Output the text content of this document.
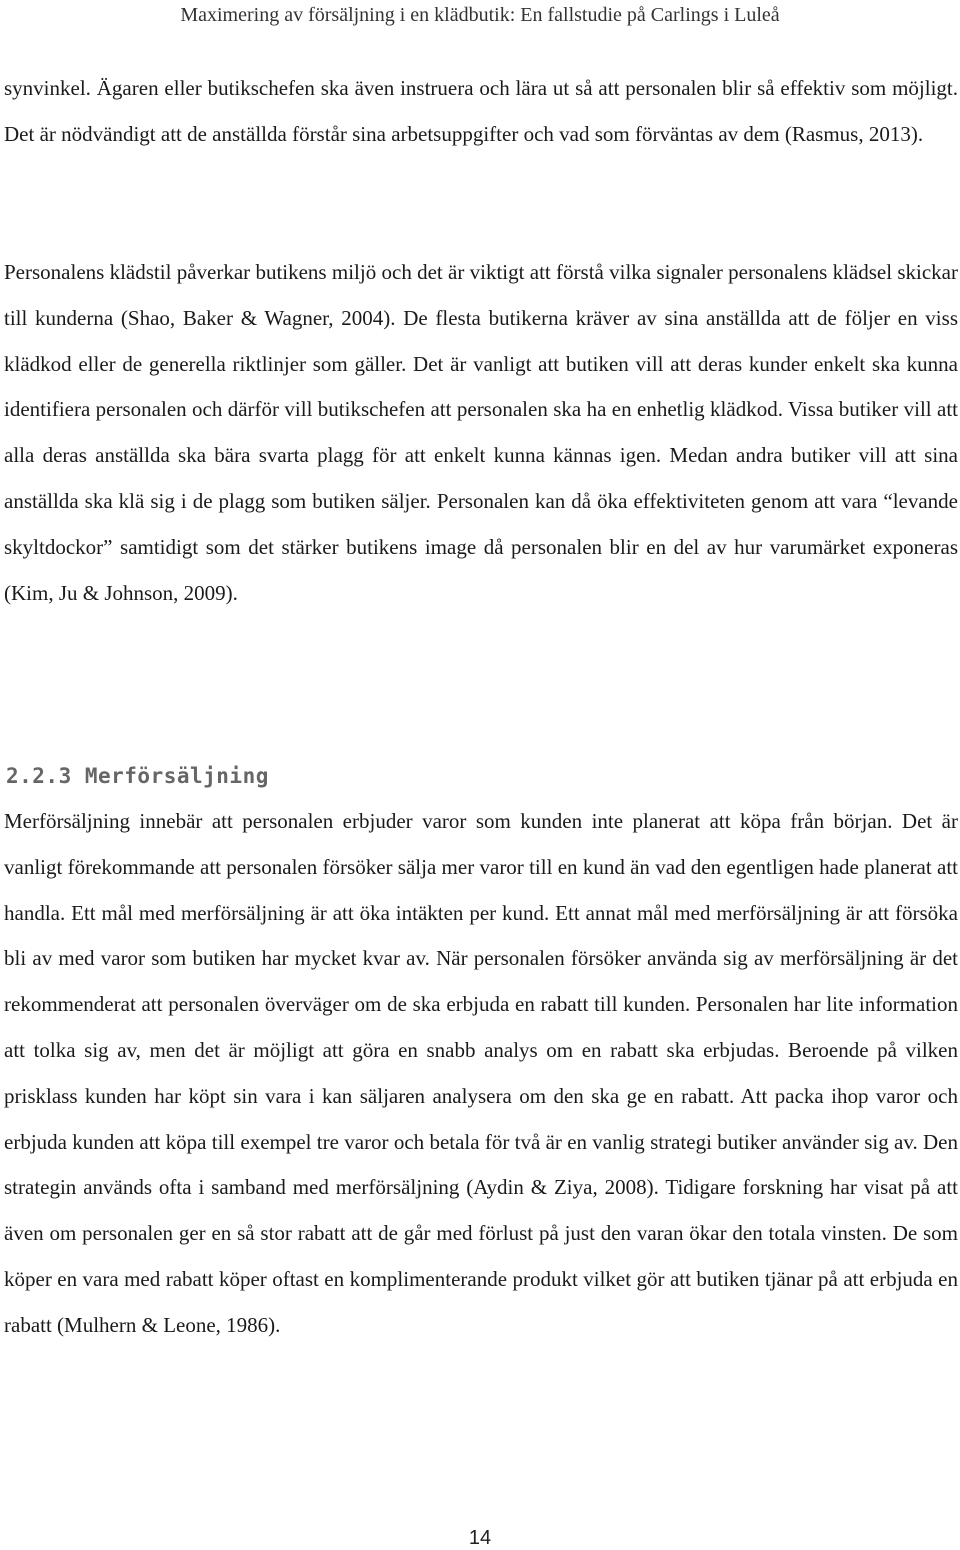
Maximering av försäljning i en klädbutik: En fallstudie på Carlings i Luleå

synvinkel. Ägaren eller butikschefen ska även instruera och lära ut så att personalen blir så effektiv som möjligt. Det är nödvändigt att de anställda förstår sina arbetsuppgifter och vad som förväntas av dem (Rasmus, 2013).

Personalens klädstil påverkar butikens miljö och det är viktigt att förstå vilka signaler personalens klädsel skickar till kunderna (Shao, Baker & Wagner, 2004). De flesta butikerna kräver av sina anställda att de följer en viss klädkod eller de generella riktlinjer som gäller. Det är vanligt att butiken vill att deras kunder enkelt ska kunna identifiera personalen och därför vill butikschefen att personalen ska ha en enhetlig klädkod. Vissa butiker vill att alla deras anställda ska bära svarta plagg för att enkelt kunna kännas igen. Medan andra butiker vill att sina anställda ska klä sig i de plagg som butiken säljer. Personalen kan då öka effektiviteten genom att vara “levande skyltdockor” samtidigt som det stärker butikens image då personalen blir en del av hur varumärket exponeras (Kim, Ju & Johnson, 2009).

2.2.3 Merförsäljning

Merförsäljning innebär att personalen erbjuder varor som kunden inte planerat att köpa från början. Det är vanligt förekommande att personalen försöker sälja mer varor till en kund än vad den egentligen hade planerat att handla. Ett mål med merförsäljning är att öka intäkten per kund. Ett annat mål med merförsäljning är att försöka bli av med varor som butiken har mycket kvar av. När personalen försöker använda sig av merförsäljning är det rekommenderat att personalen överväger om de ska erbjuda en rabatt till kunden. Personalen har lite information att tolka sig av, men det är möjligt att göra en snabb analys om en rabatt ska erbjudas. Beroende på vilken prisklass kunden har köpt sin vara i kan säljaren analysera om den ska ge en rabatt. Att packa ihop varor och erbjuda kunden att köpa till exempel tre varor och betala för två är en vanlig strategi butiker använder sig av. Den strategin används ofta i samband med merförsäljning (Aydin & Ziya, 2008). Tidigare forskning har visat på att även om personalen ger en så stor rabatt att de går med förlust på just den varan ökar den totala vinsten. De som köper en vara med rabatt köper oftast en komplimenterande produkt vilket gör att butiken tjänar på att erbjuda en rabatt (Mulhern & Leone, 1986).

14
